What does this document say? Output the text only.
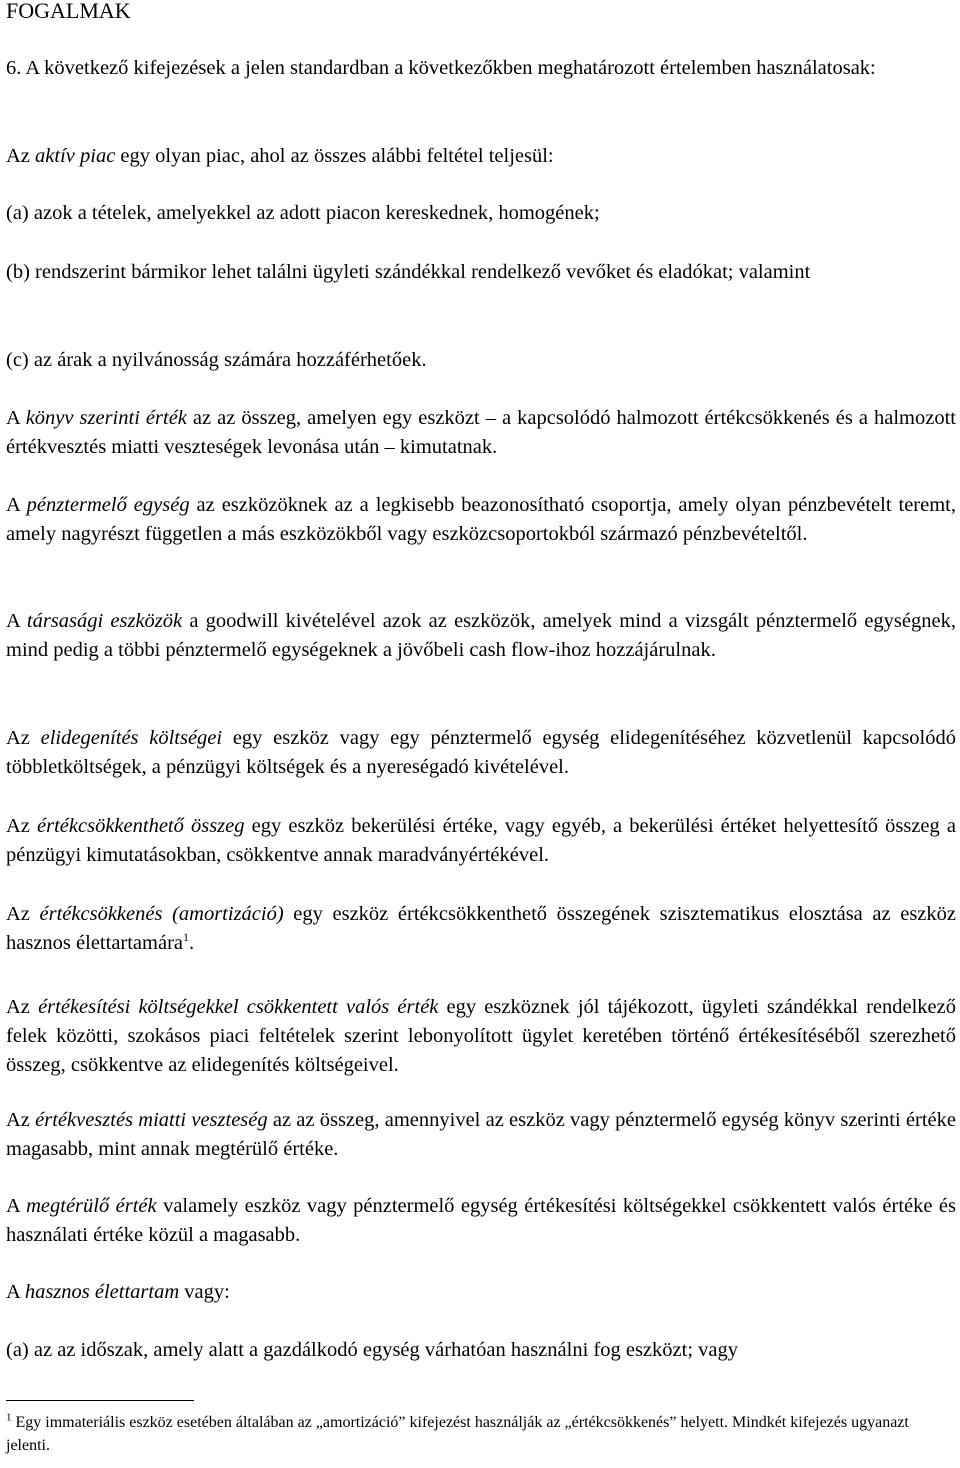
FOGALMAK
6. A következő kifejezések a jelen standardban a következőkben meghatározott értelemben használatosak:
Az aktív piac egy olyan piac, ahol az összes alábbi feltétel teljesül:
(a) azok a tételek, amelyekkel az adott piacon kereskednek, homogének;
(b) rendszerint bármikor lehet találni ügyleti szándékkal rendelkező vevőket és eladókat; valamint
(c) az árak a nyilvánosság számára hozzáférhetőek.
A könyv szerinti érték az az összeg, amelyen egy eszközt – a kapcsolódó halmozott értékcsökkenés és a halmozott értékvesztés miatti veszteségek levonása után – kimutatnak.
A pénztermelő egység az eszközöknek az a legkisebb beazonosítható csoportja, amely olyan pénzbevételt teremt, amely nagyrészt független a más eszközökből vagy eszközcsoportokból származó pénzbevételtől.
A társasági eszközök a goodwill kivételével azok az eszközök, amelyek mind a vizsgált pénztermelő egységnek, mind pedig a többi pénztermelő egységeknek a jövőbeli cash flow-ihoz hozzájárulnak.
Az elidegenítés költségei egy eszköz vagy egy pénztermelő egység elidegenítéséhez közvetlenül kapcsolódó többletköltségek, a pénzügyi költségek és a nyereségadó kivételével.
Az értékcsökkenthető összeg egy eszköz bekerülési értéke, vagy egyéb, a bekerülési értéket helyettesítő összeg a pénzügyi kimutatásokban, csökkentve annak maradványértékével.
Az értékcsökkenés (amortizáció) egy eszköz értékcsökkenthető összegének szisztematikus elosztása az eszköz hasznos élettartamára$^1$.
Az értékesítési költségekkel csökkentett valós érték egy eszköznek jól tájékozott, ügyleti szándékkal rendelkező felek közötti, szokásos piaci feltételek szerint lebonyolított ügylet keretében történő értékesítéséből szerezhető összeg, csökkentve az elidegenítés költségeivel.
Az értékvesztés miatti veszteség az az összeg, amennyivel az eszköz vagy pénztermelő egység könyv szerinti értéke magasabb, mint annak megtérülő értéke.
A megtérülő érték valamely eszköz vagy pénztermelő egység értékesítési költségekkel csökkentett valós értéke és használati értéke közül a magasabb.
A hasznos élettartam vagy:
(a) az az időszak, amely alatt a gazdálkodó egység várhatóan használni fog eszközt; vagy
$^1$ Egy immateriális eszköz esetében általában az „amortizáció” kifejezést használják az „értékcsökkenés” helyett. Mindkét kifejezés ugyanazt jelenti.
